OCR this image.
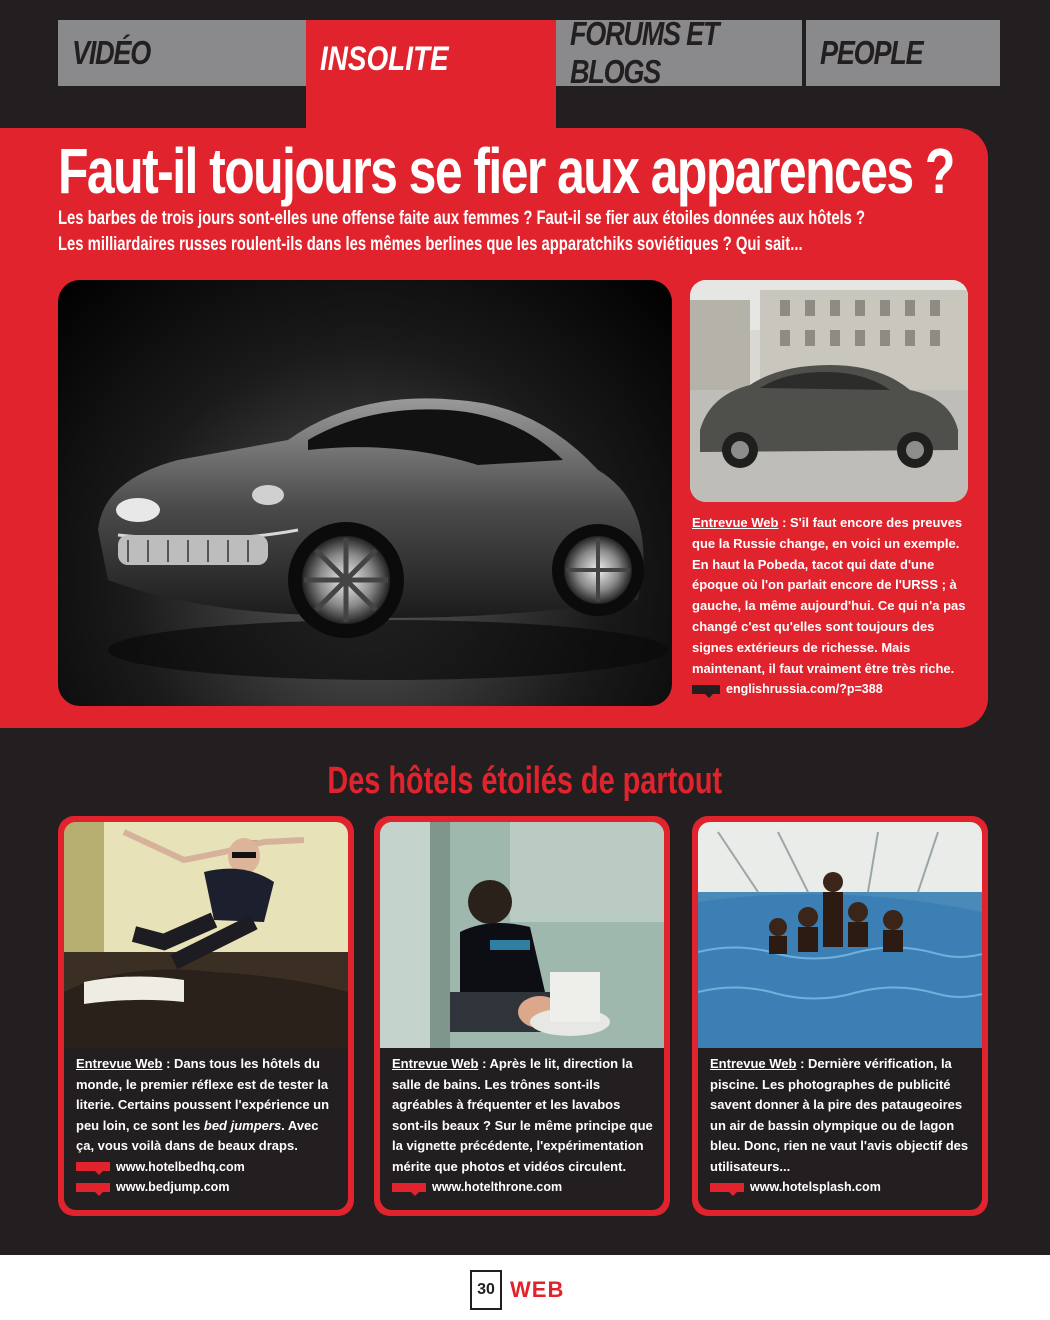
VIDÉO
FORUMS ET BLOGS
PEOPLE
INSOLITE
Faut-il toujours se fier aux apparences ?
Les barbes de trois jours sont-elles une offense faite aux femmes ? Faut-il se fier aux étoiles données aux hôtels ?
Les milliardaires russes roulent-ils dans les mêmes berlines que les apparatchiks soviétiques ? Qui sait...
Entrevue Web : S'il faut encore des preuves que la Russie change, en voici un exemple. En haut la Pobeda, tacot qui date d'une époque où l'on parlait encore de l'URSS ; à gauche, la même aujourd'hui. Ce qui n'a pas changé c'est qu'elles sont toujours des signes extérieurs de richesse. Mais maintenant, il faut vraiment être très riche.
englishrussia.com/?p=388
Des hôtels étoilés de partout
Entrevue Web : Dans tous les hôtels du monde, le premier réflexe est de tester la literie. Certains poussent l'expérience un peu loin, ce sont les bed jumpers. Avec ça, vous voilà dans de beaux draps.
www.hotelbedhq.com
www.bedjump.com
Entrevue Web : Après le lit, direction la salle de bains. Les trônes sont-ils agréables à fréquenter et les lavabos sont-ils beaux ? Sur le même principe que la vignette précédente, l'expérimentation mérite que photos et vidéos circulent.
www.hotelthrone.com
Entrevue Web : Dernière vérification, la piscine. Les photographes de publicité savent donner à la pire des pataugeoires un air de bassin olympique ou de lagon bleu. Donc, rien ne vaut l'avis objectif des utilisateurs...
www.hotelsplash.com
30 WEB
